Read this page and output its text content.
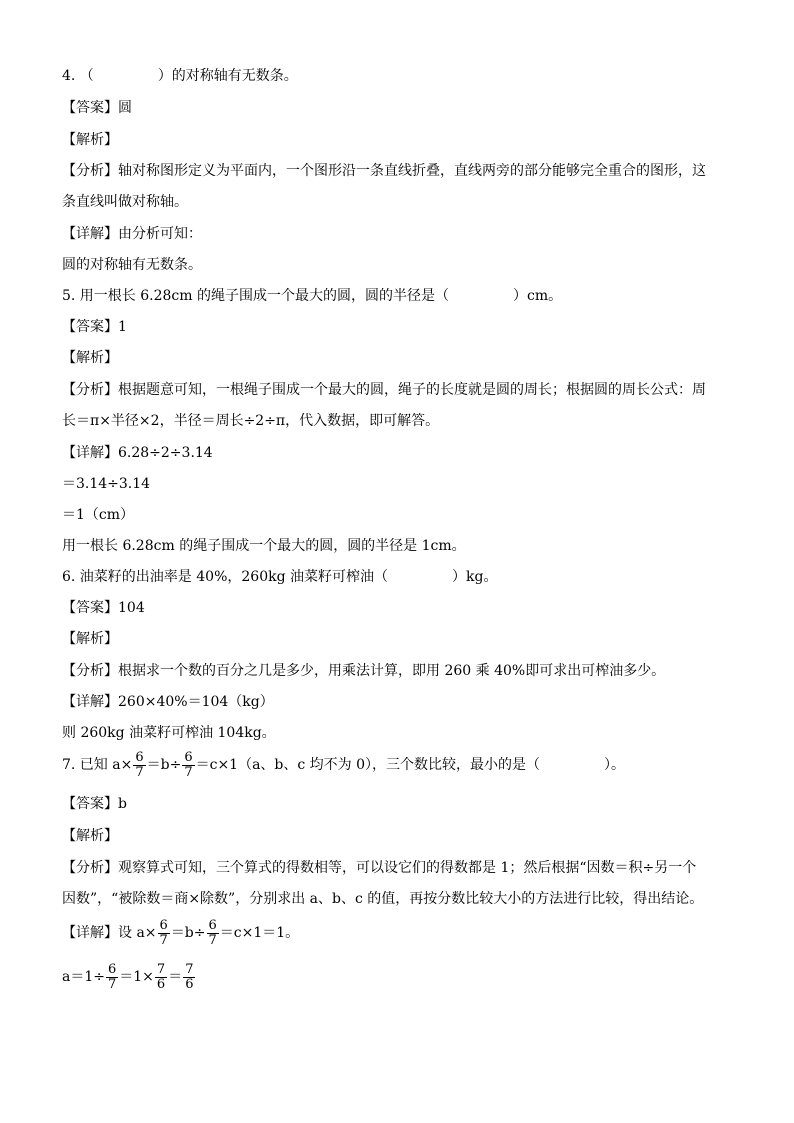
4. （	）的对称轴有无数条。
【答案】圆
【解析】
【分析】轴对称图形定义为平面内，一个图形沿一条直线折叠，直线两旁的部分能够完全重合的图形，这
条直线叫做对称轴。
【详解】由分析可知：
圆的对称轴有无数条。
5. 用一根长 6.28cm 的绳子围成一个最大的圆，圆的半径是（	）cm。
【答案】1
【解析】
【分析】根据题意可知，一根绳子围成一个最大的圆，绳子的长度就是圆的周长；根据圆的周长公式：周
长＝π×半径×2，半径＝周长÷2÷π，代入数据，即可解答。
【详解】6.28÷2÷3.14
＝3.14÷3.14
＝1（cm）
用一根长 6.28cm 的绳子围成一个最大的圆，圆的半径是 1cm。
6. 油菜籽的出油率是 40%，260kg 油菜籽可榨油（	）kg。
【答案】104
【解析】
【分析】根据求一个数的百分之几是多少，用乘法计算，即用 260 乘 40%即可求出可榨油多少。
【详解】260×40%＝104（kg）
则 260kg 油菜籽可榨油 104kg。
7. 已知 $a\times \frac{6}{7} =b\div \frac{6}{7} =c\times 1(a$、b、c 均不为 0），三个数比较，最小的是（	）。
【答案】b
【解析】
【分析】观察算式可知，三个算式的得数相等，可以设它们的得数都是 1；然后根据“因数＝积÷另一个
因数”，“被除数＝商×除数”，分别求出 a、b、c 的值，再按分数比较大小的方法进行比较，得出结论。
【详解】设 $a\times \frac{6}{7} =b\div \frac{6}{7} =c\times 1=1$。
$a=1\div \frac{6}{7} =1\times \frac{7}{6} = \frac{7}{6}$
